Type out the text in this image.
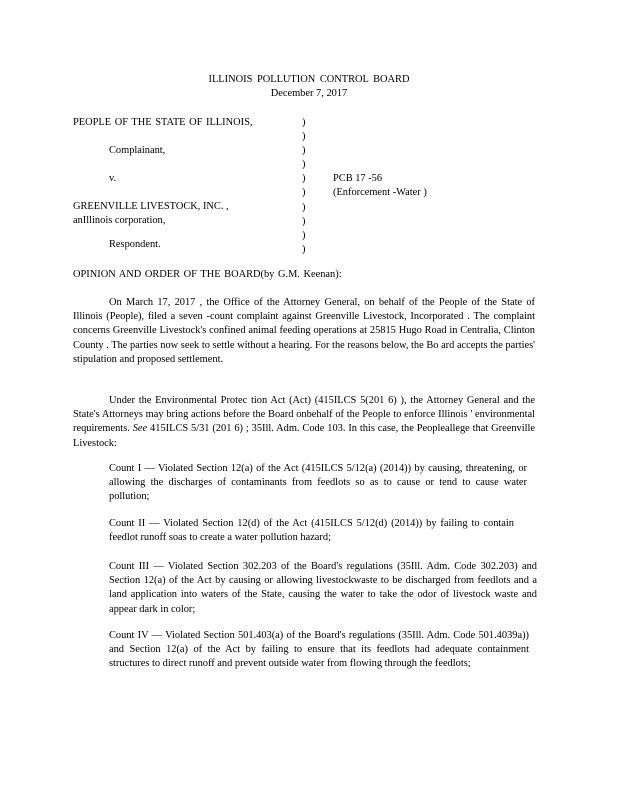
ILLINOIS POLLUTION CONTROL BOARD
December 7, 2017
PEOPLE OF THE STATE OF ILLINOIS,
Complainant,
v.
GREENVILLE LIVESTOCK, INC. ,
anIllinois corporation,
Respondent.
)
)
)
)
)
)
)
)
)
)
PCB 17 -56
(Enforcement -Water )
OPINION AND ORDER OF THE BOARD(by G.M. Keenan):
On March 17, 2017 , the Office of the Attorney General, on behalf of the People of the State of Illinois (People), filed a seven -count complaint against Greenville Livestock, Incorporated . The complaint concerns Greenville Livestock's confined animal feeding operations at 25815 Hugo Road in Centralia, Clinton County . The parties now seek to settle without a hearing. For the reasons below, the Bo ard accepts the parties' stipulation and proposed settlement.
Under the Environmental Protec tion Act (Act) (415ILCS 5(201 6) ), the Attorney General and the State's Attorneys may bring actions before the Board onbehalf of the People to enforce Illinois ' environmental requirements. See 415ILCS 5/31 (201 6) ; 35Ill. Adm. Code 103. In this case, the Peopleallege that Greenville Livestock:
Count I — Violated Section 12(a) of the Act (415ILCS 5/12(a) (2014)) by causing, threatening, or allowing the discharges of contaminants from feedlots so as to cause or tend to cause water pollution;
Count II — Violated Section 12(d) of the Act (415ILCS 5/12(d) (2014)) by failing to contain feedlot runoff soas to create a water pollution hazard;
Count III — Violated Section 302.203 of the Board's regulations (35Ill. Adm. Code 302.203) and Section 12(a) of the Act by causing or allowing livestockwaste to be discharged from feedlots and a land application into waters of the State, causing the water to take the odor of livestock waste and appear dark in color;
Count IV — Violated Section 501.403(a) of the Board's regulations (35Ill. Adm. Code 501.4039a)) and Section 12(a) of the Act by failing to ensure that its feedlots had adequate containment structures to direct runoff and prevent outside water from flowing through the feedlots;
